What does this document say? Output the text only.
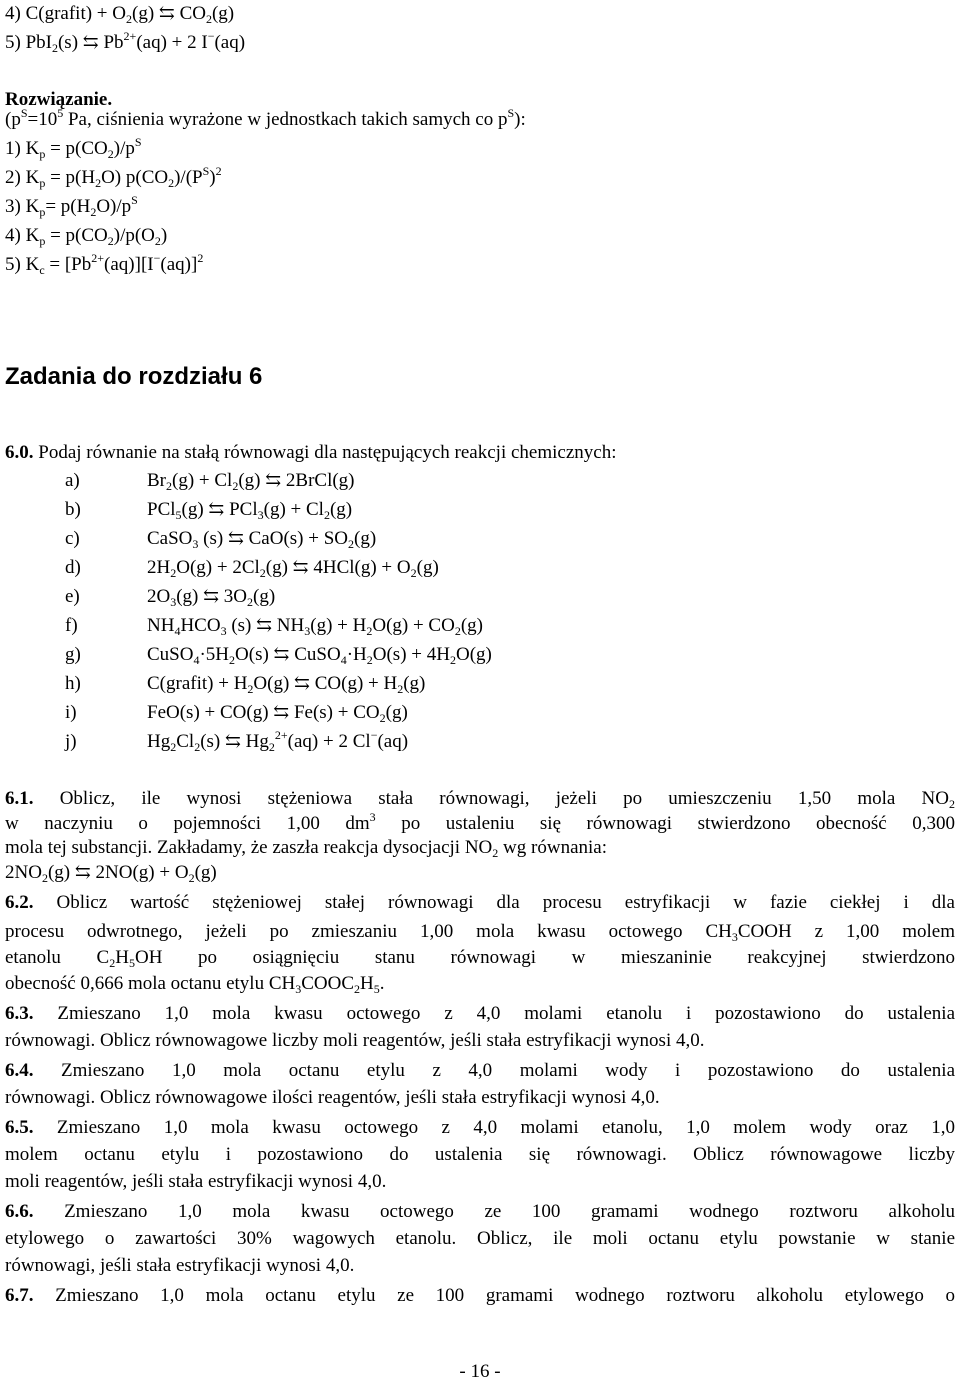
4) C(grafit) + $O_2(g)$ ⇆ $CO_2(g)$
5) PbI$_2$(s) ⇆ $Pb^{2+}(aq) + 2$ I−(aq)
Rozwiązanie.
($p^S=10^5$ Pa, ciśnienia wyrażone w jednostkach takich samych co $p^S$):
1) $K_p = p(CO_2)/p^S$
2) $K_p = p(H_2O)$ $p(CO_2)/(P^S)^2$
3) $K_p= p(H_2O)/p^S$
4) $K_p = p(CO_2)/p(O_2)$
5) $K_c = [Pb^{2+}(aq)][I^-(aq)]^2$
Zadania do rozdziału 6
6.0. Podaj równanie na stałą równowagi dla następujących reakcji chemicznych:
a)	$Br_2(g) + Cl_2(g)$ ⇆ 2BrCl(g)
b)	PCl$_5$(g) ⇆ $PCl_3(g) + Cl_2(g)$
c)	CaSO$_3$ (s) ⇆ $CaO(s) + SO_2(g)$
d)	$2H_2O(g) + 2Cl_2(g)$ ⇆ $4HCl(g) + O_2(g)$
e)	$2O_3(g)$ ⇆ $3O_2(g)$
f)	$NH_4HCO_3$ (s) ⇆ $NH_3(g) + H_2O(g) + CO_2(g)$
g)	$CuSO_4\cdot 5H_2O(s)$ ⇆ $CuSO_4\cdot H_2O(s) + 4H_2O(g)$
h)	C(grafit) + $H_2O(g)$ ⇆ $CO(g) + H_2(g)$
i)	FeO(s) + CO(g) ⇆ $Fe(s) + CO_2(g)$
j)	$Hg_2Cl_2(s)$ ⇆ $Hg_2^{2+}(aq) + 2$ Cl−(aq)
6.1. Oblicz, ile wynosi stężeniowa stała równowagi, jeżeli po umieszczeniu 1,50 mola $NO_2$
w naczyniu o pojemności 1,00 $dm^3$ po ustaleniu się równowagi stwierdzono obecność 0,300
mola tej substancji. Zakładamy, że zaszła reakcja dysocjacji $NO_2$ wg równania:
$2NO_2(g)$ ⇆ $2NO(g) + O_2(g)$
6.2. Oblicz wartość stężeniowej stałej równowagi dla procesu estryfikacji w fazie ciekłej i dla
procesu odwrotnego, jeżeli po zmieszaniu 1,00 mola kwasu octowego $CH_3COOH$ z 1,00 molem
etanolu $C_2H_5OH$ po osiągnięciu stanu równowagi w mieszaninie reakcyjnej stwierdzono
obecność 0,666 mola octanu etylu $CH_3COOC_2H_5$.
6.3. Zmieszano 1,0 mola kwasu octowego z 4,0 molami etanolu i pozostawiono do ustalenia
równowagi. Oblicz równowagowe liczby moli reagentów, jeśli stała estryfikacji wynosi 4,0.
6.4. Zmieszano 1,0 mola octanu etylu z 4,0 molami wody i pozostawiono do ustalenia
równowagi. Oblicz równowagowe ilości reagentów, jeśli stała estryfikacji wynosi 4,0.
6.5. Zmieszano 1,0 mola kwasu octowego z 4,0 molami etanolu, 1,0 molem wody oraz 1,0
molem octanu etylu i pozostawiono do ustalenia się równowagi. Oblicz równowagowe liczby
moli reagentów, jeśli stała estryfikacji wynosi 4,0.
6.6. Zmieszano 1,0 mola kwasu octowego ze 100 gramami wodnego roztworu alkoholu
etylowego o zawartości 30% wagowych etanolu. Oblicz, ile moli octanu etylu powstanie w stanie
równowagi, jeśli stała estryfikacji wynosi 4,0.
6.7. Zmieszano 1,0 mola octanu etylu ze 100 gramami wodnego roztworu alkoholu etylowego o
- 16 -
